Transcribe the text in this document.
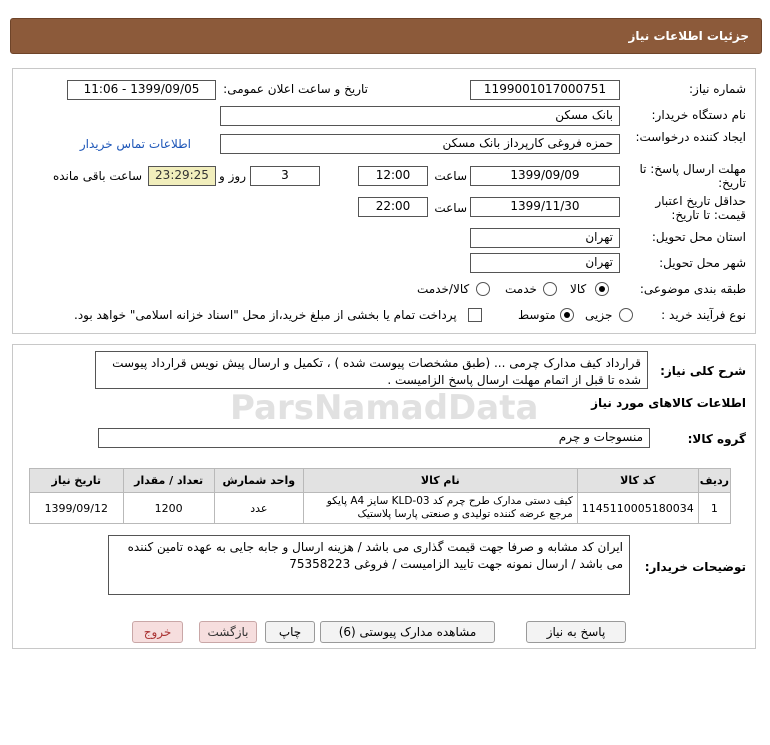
جزئیات اطلاعات نیاز
شماره نیاز:
1199001017000751
تاریخ و ساعت اعلان عمومی:
1399/09/05 - 11:06
نام دستگاه خریدار:
بانک مسکن
ایجاد کننده درخواست:
حمزه فروغی کارپرداز بانک مسکن
اطلاعات تماس خریدار
مهلت ارسال پاسخ: تا تاریخ:
1399/09/09
ساعت
12:00
3
روز و
23:29:25
ساعت باقی مانده
حداقل تاریخ اعتبار قیمت: تا تاریخ:
1399/11/30
ساعت
22:00
استان محل تحویل:
تهران
شهر محل تحویل:
تهران
طبقه بندی موضوعی:
کالا
خدمت
کالا/خدمت
نوع فرآیند خرید :
جزیی
متوسط
پرداخت تمام یا بخشی از مبلغ خرید،از محل "اسناد خزانه اسلامی" خواهد بود.
شرح کلی نیاز:
قرارداد کیف مدارک چرمی ... (طبق مشخصات پیوست شده ) ، تکمیل و ارسال پیش نویس قرارداد پیوست شده تا قبل از اتمام مهلت ارسال پاسخ الزامیست .
ParsNamadData	اطلاعات کالاهای مورد نیاز
گروه کالا:
منسوجات و چرم
ردیف	کد کالا	نام کالا	واحد شمارش	تعداد / مقدار	تاریخ نیاز
1	1145110005180034	کیف دستی مدارک طرح چرم کد KLD-03 سایز A4 پایکو مرجع عرضه کننده تولیدی و صنعتی پارسا پلاستیک	عدد	1200	1399/09/12
توضیحات خریدار:
ایران کد مشابه و صرفا جهت قیمت گذاری می باشد / هزینه ارسال و جابه جایی به عهده تامین کننده می باشد / ارسال نمونه جهت تایید الزامیست / فروغی 75358223
پاسخ به نیاز
مشاهده مدارک پیوستی (6)
چاپ
بازگشت
خروج
